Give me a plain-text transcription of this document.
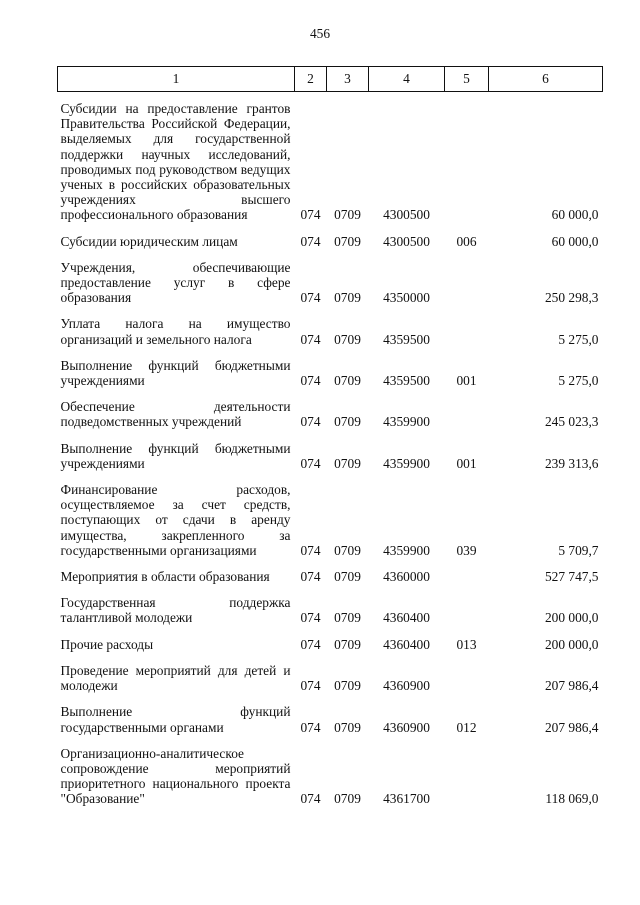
456
1	2	3	4	5	6
Субсидии на предоставление грантов Правительства Российской Федерации, выделяемых для государственной поддержки научных исследований, проводимых под руководством ведущих ученых в российских образовательных учреждениях высшего профессионального образования	074	0709	4300500		60 000,0
Субсидии юридическим лицам	074	0709	4300500	006	60 000,0
Учреждения, обеспечивающие предоставление услуг в сфере образования	074	0709	4350000		250 298,3
Уплата налога на имущество организаций и земельного налога	074	0709	4359500		5 275,0
Выполнение функций бюджетными учреждениями	074	0709	4359500	001	5 275,0
Обеспечение деятельности подведомственных учреждений	074	0709	4359900		245 023,3
Выполнение функций бюджетными учреждениями	074	0709	4359900	001	239 313,6
Финансирование расходов, осуществляемое за счет средств, поступающих от сдачи в аренду имущества, закрепленного за государственными организациями	074	0709	4359900	039	5 709,7
Мероприятия в области образования	074	0709	4360000		527 747,5
Государственная поддержка талантливой молодежи	074	0709	4360400		200 000,0
Прочие расходы	074	0709	4360400	013	200 000,0
Проведение мероприятий для детей и молодежи	074	0709	4360900		207 986,4
Выполнение функций государственными органами	074	0709	4360900	012	207 986,4
Организационно-аналитическое сопровождение мероприятий приоритетного национального проекта "Образование"	074	0709	4361700		118 069,0
